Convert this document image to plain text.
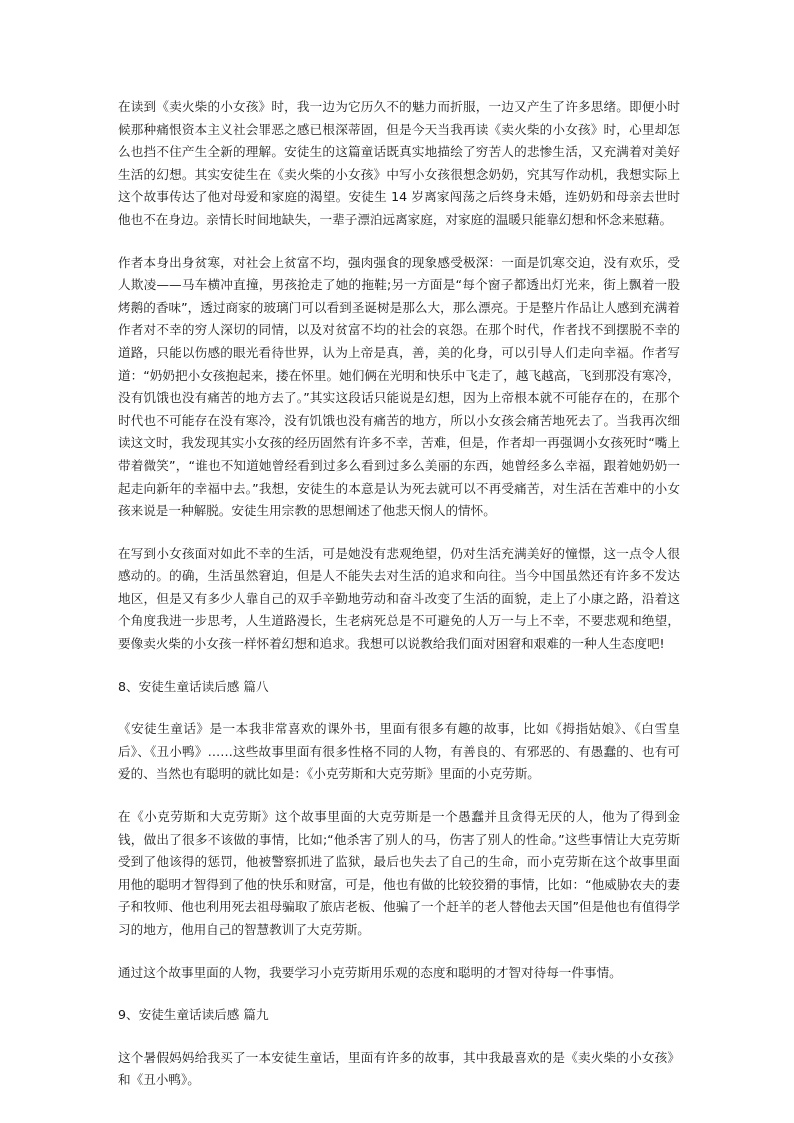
在读到《卖火柴的小女孩》时，我一边为它历久不的魅力而折服，一边又产生了许多思绪。即便小时候那种痛恨资本主义社会罪恶之感已根深蒂固，但是今天当我再读《卖火柴的小女孩》时，心里却怎么也挡不住产生全新的理解。安徒生的这篇童话既真实地描绘了穷苦人的悲惨生活，又充满着对美好生活的幻想。其实安徒生在《卖火柴的小女孩》中写小女孩很想念奶奶，究其写作动机，我想实际上这个故事传达了他对母爱和家庭的渴望。安徒生 14 岁离家闯荡之后终身未婚，连奶奶和母亲去世时他也不在身边。亲情长时间地缺失，一辈子漂泊远离家庭，对家庭的温暖只能靠幻想和怀念来慰藉。

作者本身出身贫寒，对社会上贫富不均，强肉强食的现象感受极深：一面是饥寒交迫，没有欢乐，受人欺凌——马车横冲直撞，男孩抢走了她的拖鞋;另一方面是“每个窗子都透出灯光来，街上飘着一股烤鹅的香味”，透过商家的玻璃门可以看到圣诞树是那么大，那么漂亮。于是整片作品让人感到充满着作者对不幸的穷人深切的同情，以及对贫富不均的社会的哀怨。在那个时代，作者找不到摆脱不幸的道路，只能以伤感的眼光看待世界，认为上帝是真，善，美的化身，可以引导人们走向幸福。作者写道：“奶奶把小女孩抱起来，搂在怀里。她们俩在光明和快乐中飞走了，越飞越高，飞到那没有寒冷，没有饥饿也没有痛苦的地方去了。”其实这段话只能说是幻想，因为上帝根本就不可能存在的，在那个时代也不可能存在没有寒冷，没有饥饿也没有痛苦的地方，所以小女孩会痛苦地死去了。当我再次细读这文时，我发现其实小女孩的经历固然有许多不幸，苦难，但是，作者却一再强调小女孩死时“嘴上带着微笑”，“谁也不知道她曾经看到过多么看到过多么美丽的东西，她曾经多么幸福，跟着她奶奶一起走向新年的幸福中去。”我想，安徒生的本意是认为死去就可以不再受痛苦，对生活在苦难中的小女孩来说是一种解脱。安徒生用宗教的思想阐述了他悲天悯人的情怀。

在写到小女孩面对如此不幸的生活，可是她没有悲观绝望，仍对生活充满美好的憧憬，这一点令人很感动的。的确，生活虽然窘迫，但是人不能失去对生活的追求和向往。当今中国虽然还有许多不发达地区，但是又有多少人靠自己的双手辛勤地劳动和奋斗改变了生活的面貌，走上了小康之路，沿着这个角度我进一步思考，人生道路漫长，生老病死总是不可避免的人万一与上不幸，不要悲观和绝望，要像卖火柴的小女孩一样怀着幻想和追求。我想可以说教给我们面对困窘和艰难的一种人生态度吧!

8、安徒生童话读后感 篇八

《安徒生童话》是一本我非常喜欢的课外书，里面有很多有趣的故事，比如《拇指姑娘》、《白雪皇后》、《丑小鸭》……这些故事里面有很多性格不同的人物，有善良的、有邪恶的、有愚蠢的、也有可爱的、当然也有聪明的就比如是：《小克劳斯和大克劳斯》里面的小克劳斯。

在《小克劳斯和大克劳斯》这个故事里面的大克劳斯是一个愚蠢并且贪得无厌的人，他为了得到金钱，做出了很多不该做的事情，比如;“他杀害了别人的马，伤害了别人的性命。”这些事情让大克劳斯受到了他该得的惩罚，他被警察抓进了监狱，最后也失去了自己的生命，而小克劳斯在这个故事里面用他的聪明才智得到了他的快乐和财富，可是，他也有做的比较狡猾的事情，比如：“他威胁农夫的妻子和牧师、他也利用死去祖母骗取了旅店老板、他骗了一个赶羊的老人替他去天国”但是他也有值得学习的地方，他用自己的智慧教训了大克劳斯。

通过这个故事里面的人物，我要学习小克劳斯用乐观的态度和聪明的才智对待每一件事情。

9、安徒生童话读后感 篇九

这个暑假妈妈给我买了一本安徒生童话，里面有许多的故事，其中我最喜欢的是《卖火柴的小女孩》和《丑小鸭》。
